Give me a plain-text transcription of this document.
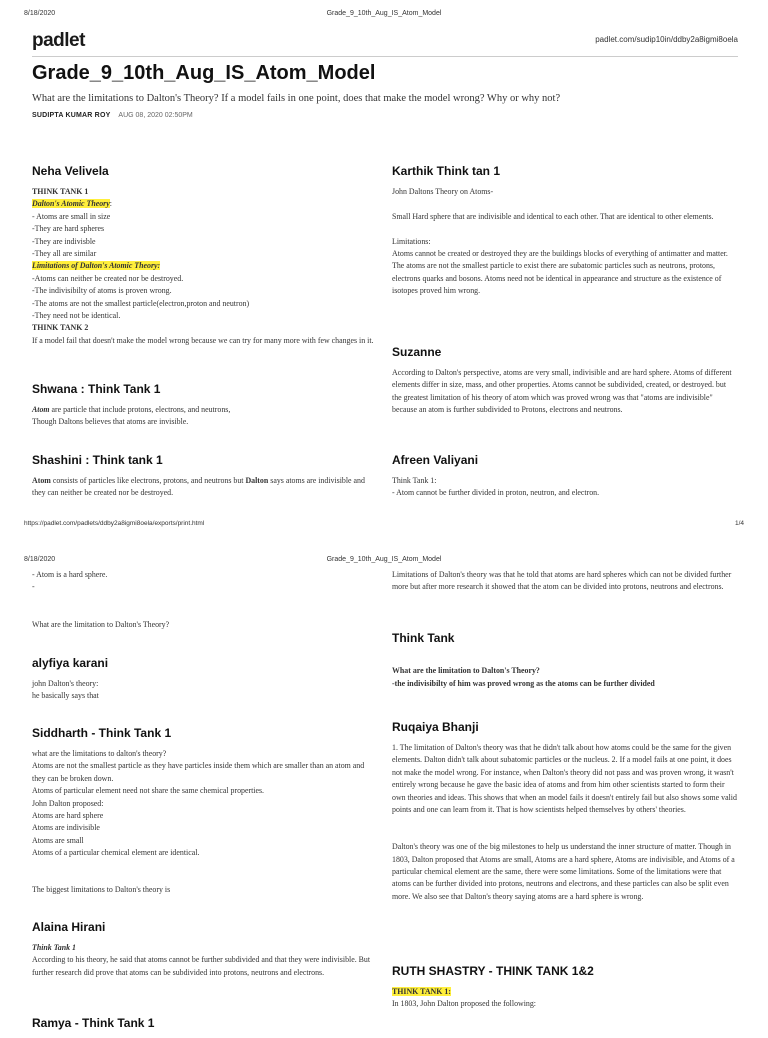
8/18/2020	Grade_9_10th_Aug_IS_Atom_Model
padlet	padlet.com/sudip10in/ddby2a8igmi8oela
Grade_9_10th_Aug_IS_Atom_Model
What are the limitations to Dalton's Theory? If a model fails in one point, does that make the model wrong? Why or why not?
SUDIPTA KUMAR ROY AUG 08, 2020 02:50PM
Neha Velivela

THINK TANK 1

Dalton's Atomic Theory:

- Atoms are small in size

-They are hard spheres

-They are indivisble

-They all are similar

Limitations of Dalton's Atomic Theory:

-Atoms can neither be created nor be destroyed.

-The indivisibilty of atoms is proven wrong.

-The atoms are not the smallest particle(electron,proton and neutron)

-They need not be identical.

THINK TANK 2

If a model fail that doesn't make the model wrong because we can try for many more with few changes in it.

Shwana : Think Tank 1

Atom are particle that include protons, electrons, and neutrons,

Though Daltons believes that atoms are invisible.

Shashini : Think tank 1

Atom consists of particles like electrons, protons, and neutrons but Dalton says atoms are indivisible and they can neither be created nor be destroyed.

Karthik Think tan 1

John Daltons Theory on Atoms-

Small Hard sphere that are indivisible and identical to each other. That are identical to other elements.

Limitations:

Atoms cannot be created or destroyed they are the buildings blocks of everything of antimatter and matter. The atoms are not the smallest particle to exist there are subatomic particles such as neutrons, protons, electrons quarks and bosons. Atoms need not be identical in appearance and structure as the existence of isotopes proved him wrong.

Suzanne
According to Dalton's perspective, atoms are very small, indivisible and are hard sphere. Atoms of different elements differ in size, mass, and other properties. Atoms cannot be subdivided, created, or destroyed. but the greatest limitation of his theory of atom which was proved wrong was that "atoms are indivisible" because an atom is further subdivided to Protons, electrons and neutrons.
Afreen Valiyani

Think Tank 1:

- Atom cannot be further divided in proton, neutron, and electron.

https://padlet.com/padlets/ddby2a8igmi8oela/exports/print.html	1/4
8/18/2020	Grade_9_10th_Aug_IS_Atom_Model

- Atom is a hard sphere.

-

What are the limitation to Dalton's Theory?

alyfiya karani

john Dalton's theory:

he basically says that

Siddharth - Think Tank 1

what are the limitations to dalton's theory?

Atoms are not the smallest particle as they have particles inside them which are smaller than an atom and they can be broken down.

Atoms of particular element need not share the same chemical properties.

John Dalton proposed:

Atoms are hard sphere

Atoms are indivisible

Atoms are small

Atoms of a particular chemical element are identical.

The biggest limitations to Dalton's theory is

Alaina Hirani

Think Tank 1

According to his theory, he said that atoms cannot be further subdivided and that they were indivisible. But further research did prove that atoms can be subdivided into protons, neutrons and electrons.

Ramya - Think Tank 1
Limitations of Dalton's theory was that he told that atoms are hard spheres which can not be divided further more but after more research it showed that the atom can be divided into protons, neutrons and electrons.
Think Tank

What are the limitation to Dalton's Theory?

-the indivisibilty of him was proved wrong as the atoms can be further divided

Ruqaiya Bhanji

1. The limitation of Dalton's theory was that he didn't talk about how atoms could be the same for the given elements. Dalton didn't talk about subatomic particles or the nucleus. 2. If a model fails at one point, it does not make the model wrong. For instance, when Dalton's theory did not pass and was proven wrong, it wasn't entirely wrong because he gave the basic idea of atoms and from him other scientists started to form their own theories and ideas. This shows that when an model fails it doesn't entirely fail but also shows some valid points and one can learn from it. That is how scientists helped themselves by others' theories.

Dalton's theory was one of the big milestones to help us understand the inner structure of matter. Though in 1803, Dalton proposed that Atoms are small, Atoms are a hard sphere, Atoms are indivisible, and Atoms of a particular chemical element are the same, there were some limitations. Some of the limitations were that atoms can be further divided into protons, neutrons and electrons, and these particles can also be split even more. We also see that Dalton's theory saying atoms are a hard sphere is wrong.

RUTH SHASTRY - THINK TANK 1&2

THINK TANK 1:

In 1803, John Dalton proposed the following:
